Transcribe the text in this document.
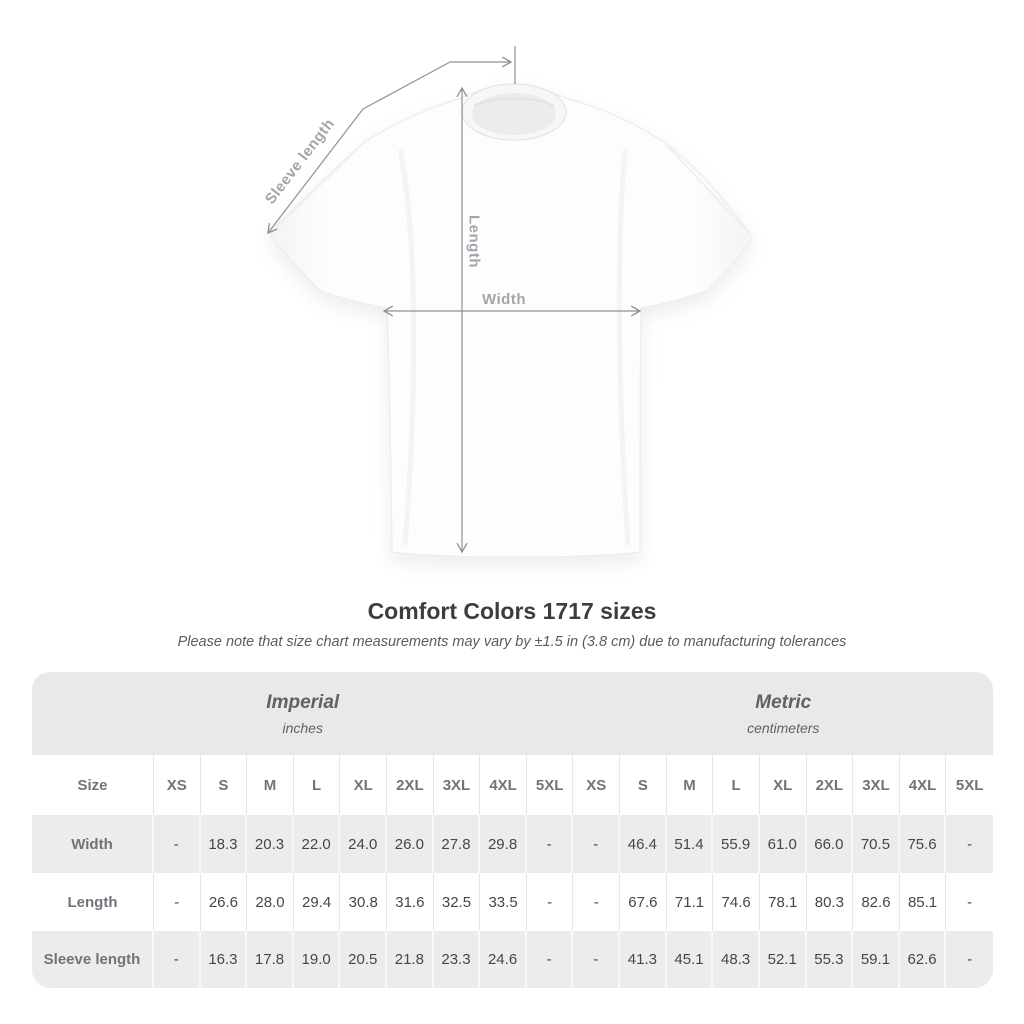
Sleeve length
Length
Width
Comfort Colors 1717 sizes
Please note that size chart measurements may vary by ±1.5 in (3.8 cm) due to manufacturing tolerances
Imperial
inches

Metric
centimeters

Size	XS	S	M	L	XL	2XL	3XL	4XL	5XL	XS	S	M	L	XL	2XL	3XL	4XL	5XL
Width	-	18.3	20.3	22.0	24.0	26.0	27.8	29.8	-	-	46.4	51.4	55.9	61.0	66.0	70.5	75.6	-
Length	-	26.6	28.0	29.4	30.8	31.6	32.5	33.5	-	-	67.6	71.1	74.6	78.1	80.3	82.6	85.1	-
Sleeve length	-	16.3	17.8	19.0	20.5	21.8	23.3	24.6	-	-	41.3	45.1	48.3	52.1	55.3	59.1	62.6	-
